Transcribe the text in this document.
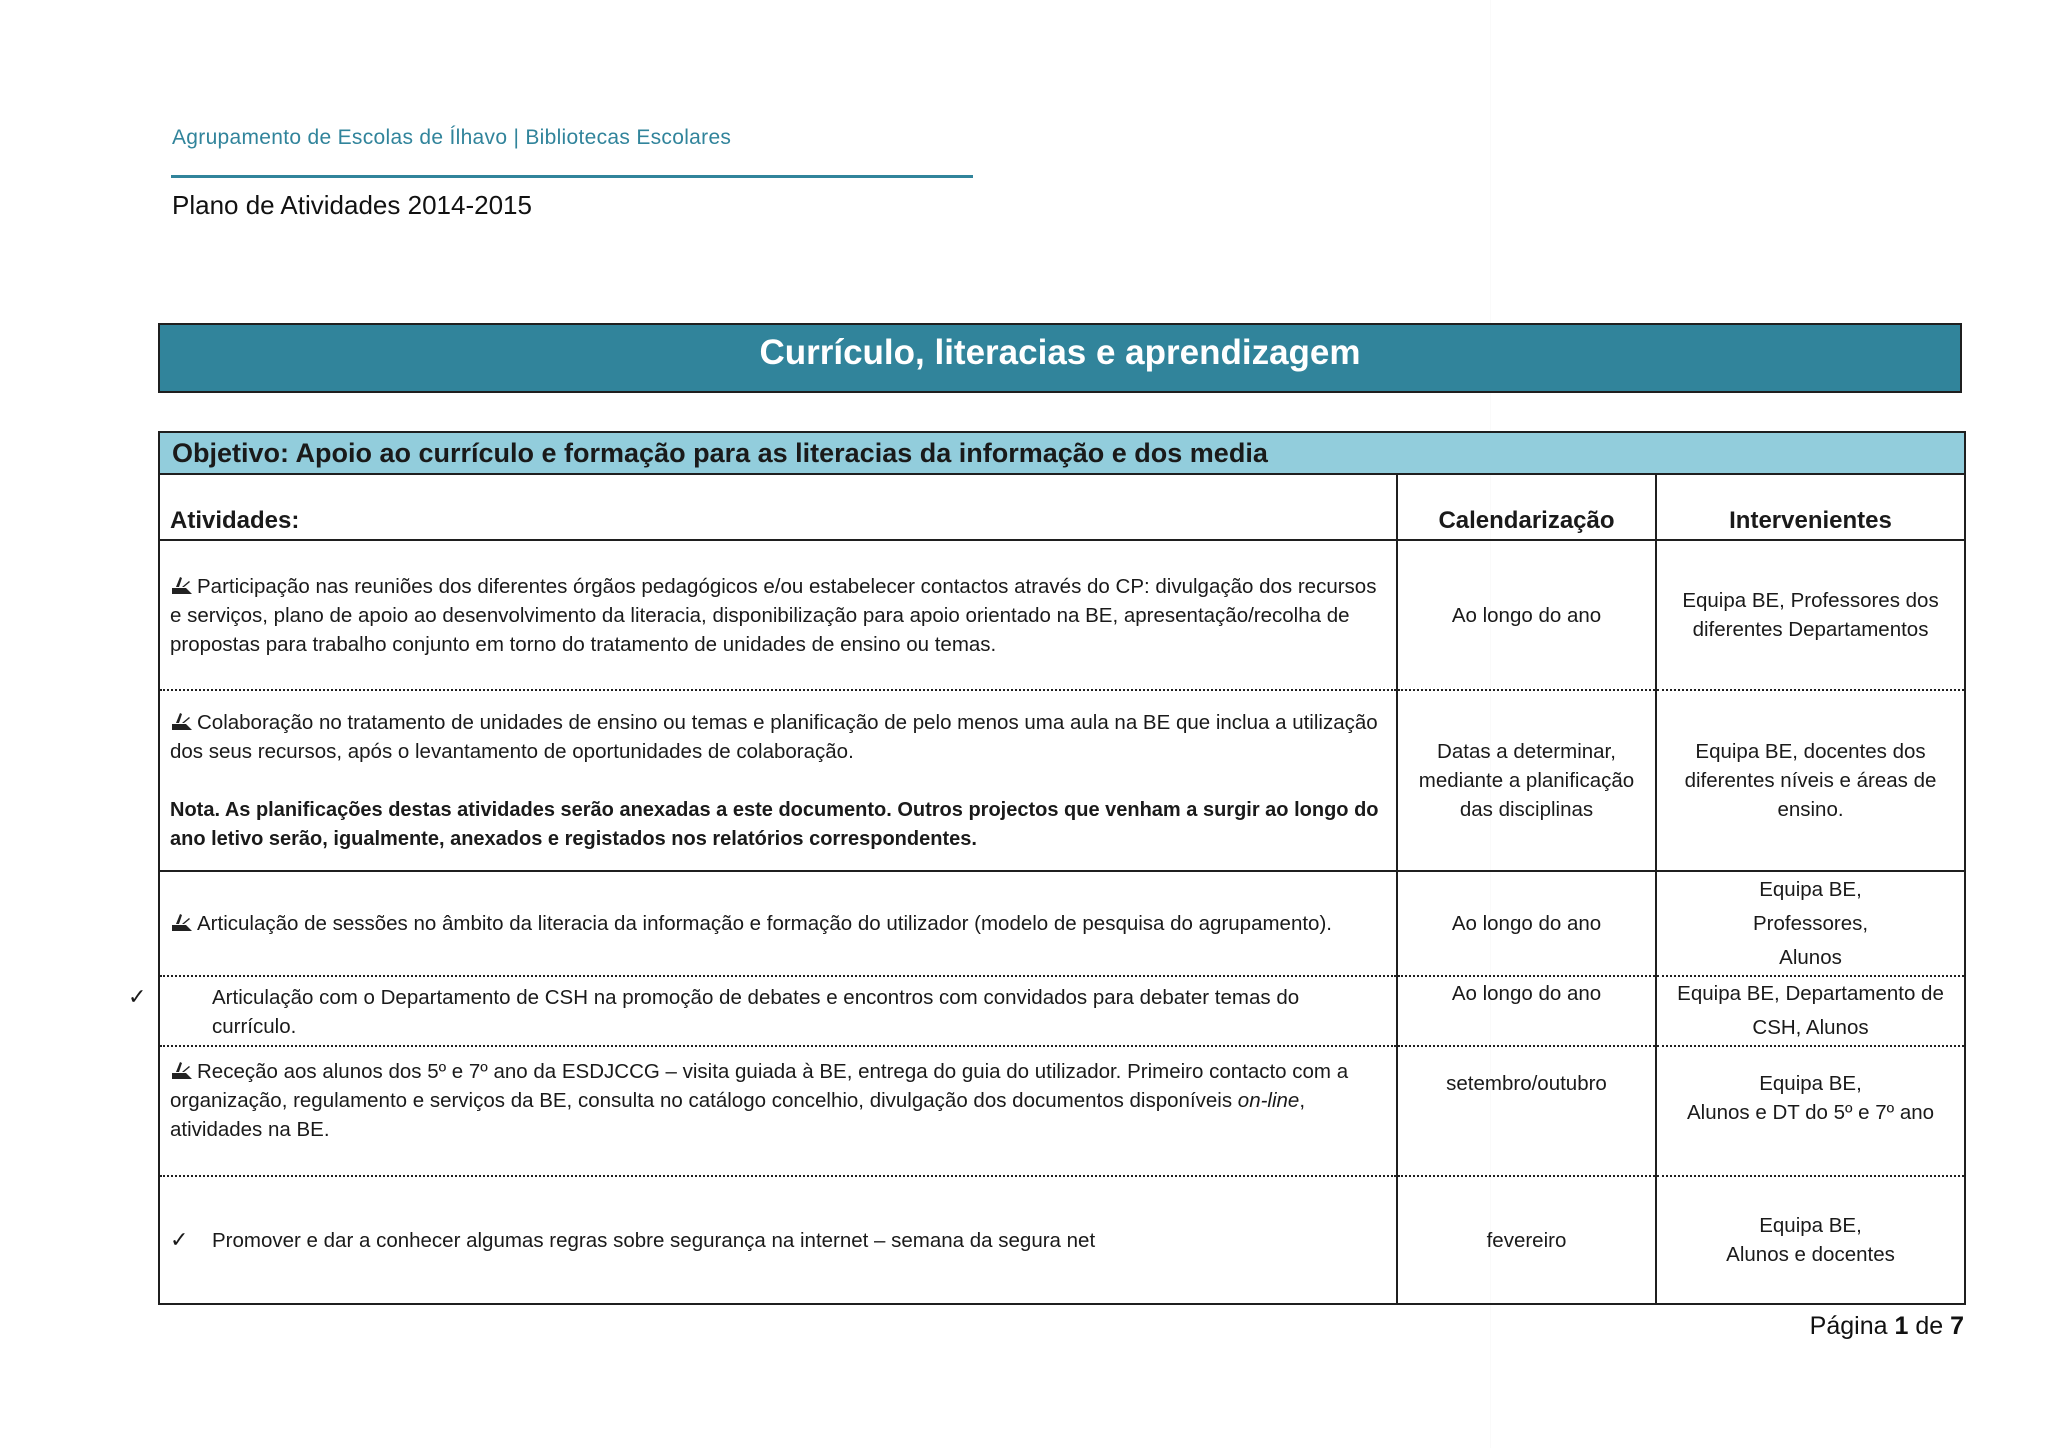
Agrupamento de Escolas de Ílhavo | Bibliotecas Escolares
Plano de Atividades 2014-2015
Currículo, literacias e aprendizagem
Objetivo: Apoio ao currículo e formação para as literacias da informação e dos media		
Atividades:	Calendarização	Intervenientes
Participação nas reuniões dos diferentes órgãos pedagógicos e/ou estabelecer contactos através do CP: divulgação dos recursos e serviços, plano de apoio ao desenvolvimento da literacia, disponibilização para apoio orientado na BE, apresentação/recolha de propostas para trabalho conjunto em torno do tratamento de unidades de ensino ou temas.	Ao longo do ano	Equipa BE, Professores dos diferentes Departamentos
Colaboração no tratamento de unidades de ensino ou temas e planificação de pelo menos uma aula na BE que inclua a utilização dos seus recursos, após o levantamento de oportunidades de colaboração.
Nota. As planificações destas atividades serão anexadas a este documento. Outros projectos que venham a surgir ao longo do ano letivo serão, igualmente, anexados e registados nos relatórios correspondentes.	Datas a determinar, mediante a planificação das disciplinas	Equipa BE, docentes dos diferentes níveis e áreas de ensino.
Articulação de sessões no âmbito da literacia da informação e formação do utilizador (modelo de pesquisa do agrupamento).	Ao longo do ano	Equipa BE,
Professores,
Alunos

✓ Articulação com o Departamento de CSH na promoção de debates e encontros com convidados para debater temas do currículo.	Ao longo do ano	Equipa BE, Departamento de CSH, Alunos
Receção aos alunos dos 5º e 7º ano da ESDJCCG – visita guiada à BE, entrega do guia do utilizador. Primeiro contacto com a organização, regulamento e serviços da BE, consulta no catálogo concelhio, divulgação dos documentos disponíveis on-line, atividades na BE.	setembro/outubro	Equipa BE,
Alunos e DT do 5º e 7º ano

✓ Promover e dar a conhecer algumas regras sobre segurança na internet – semana da segura net	fevereiro	Equipa BE,
Alunos e docentes
Página 1 de 7
